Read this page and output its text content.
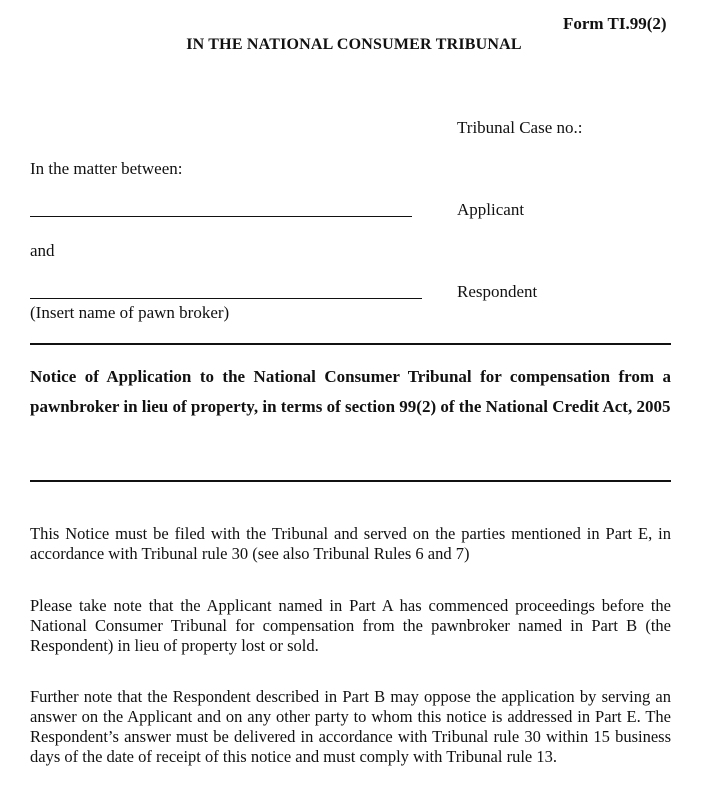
Form TI.99(2)
IN THE NATIONAL CONSUMER TRIBUNAL
Tribunal Case no.:
In the matter between:
Applicant
and
Respondent
(Insert name of pawn broker)
Notice of Application to the National Consumer Tribunal for compensation from a pawnbroker in lieu of property, in terms of section 99(2) of the National Credit Act, 2005
This Notice must be filed with the Tribunal and served on the parties mentioned in Part E, in accordance with Tribunal rule 30 (see also Tribunal Rules 6 and 7)
Please take note that the Applicant named in Part A has commenced proceedings before the National Consumer Tribunal for compensation from the pawnbroker named in Part B (the Respondent) in lieu of property lost or sold.
Further note that the Respondent described in Part B may oppose the application by serving an answer on the Applicant and on any other party to whom this notice is addressed in Part E. The Respondent’s answer must be delivered in accordance with Tribunal rule 30 within 15 business days of the date of receipt of this notice and must comply with Tribunal rule 13.
